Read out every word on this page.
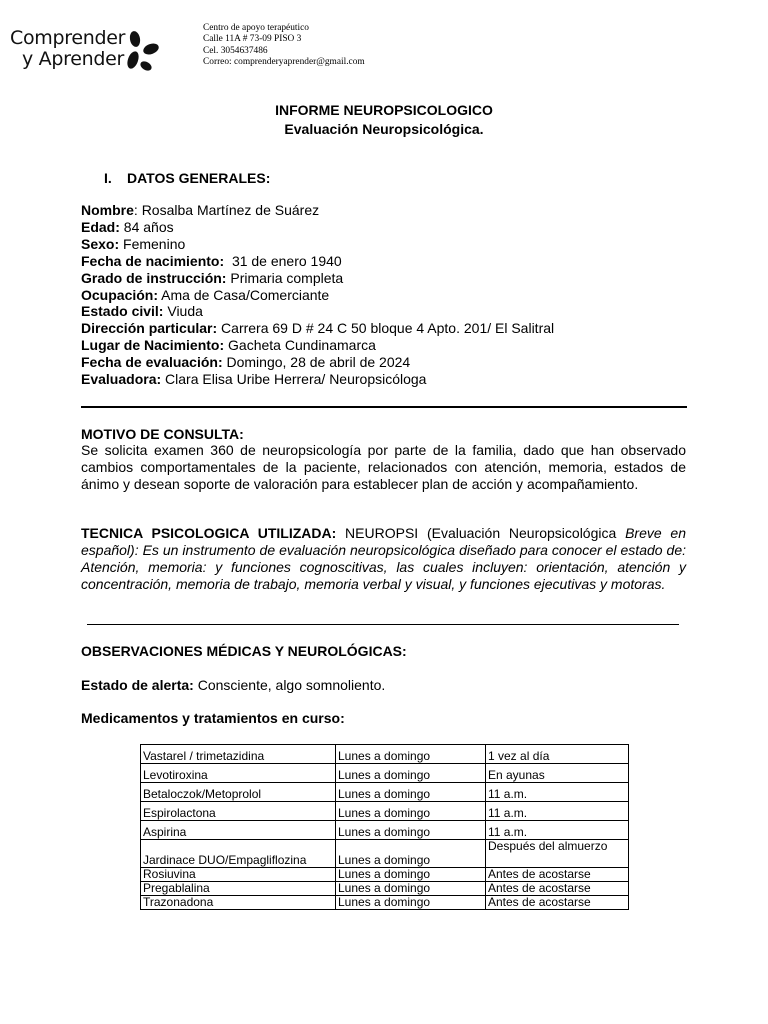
Comprender
y Aprender
Centro de apoyo terapéutico
Calle 11A # 73-09 PISO 3
Cel. 3054637486
Correo: comprenderyaprender@gmail.com
INFORME NEUROPSICOLOGICO
Evaluación Neuropsicológica.
I. DATOS GENERALES:
Nombre: Rosalba Martínez de Suárez
Edad: 84 años
Sexo: Femenino
Fecha de nacimiento: 31 de enero 1940
Grado de instrucción: Primaria completa
Ocupación: Ama de Casa/Comerciante
Estado civil: Viuda
Dirección particular: Carrera 69 D # 24 C 50 bloque 4 Apto. 201/ El Salitral
Lugar de Nacimiento: Gacheta Cundinamarca
Fecha de evaluación: Domingo, 28 de abril de 2024
Evaluadora: Clara Elisa Uribe Herrera/ Neuropsicóloga
MOTIVO DE CONSULTA:
Se solicita examen 360 de neuropsicología por parte de la familia, dado que han observado cambios comportamentales de la paciente, relacionados con atención, memoria, estados de ánimo y desean soporte de valoración para establecer plan de acción y acompañamiento.
TECNICA PSICOLOGICA UTILIZADA: NEUROPSI (Evaluación Neuropsicológica Breve en español): Es un instrumento de evaluación neuropsicológica diseñado para conocer el estado de: Atención, memoria: y funciones cognoscitivas, las cuales incluyen: orientación, atención y concentración, memoria de trabajo, memoria verbal y visual, y funciones ejecutivas y motoras.
OBSERVACIONES MÉDICAS Y NEUROLÓGICAS:
Estado de alerta: Consciente, algo somnoliento.
Medicamentos y tratamientos en curso:
Vastarel / trimetazidina	Lunes a domingo	1 vez al día
Levotiroxina	Lunes a domingo	En ayunas
Betaloczok/Metoprolol	Lunes a domingo	11 a.m.
Espirolactona	Lunes a domingo	11 a.m.
Aspirina	Lunes a domingo	11 a.m.
Jardinace DUO/Empagliflozina	Lunes a domingo	Después del almuerzo
Rosiuvina	Lunes a domingo	Antes de acostarse
Pregablalina	Lunes a domingo	Antes de acostarse
Trazonadona	Lunes a domingo	Antes de acostarse
